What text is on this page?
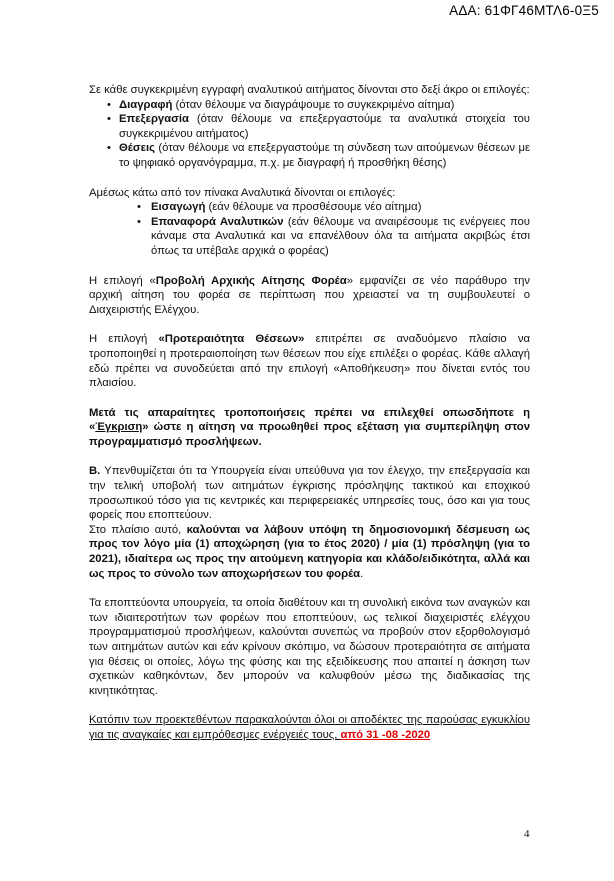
ΑΔΑ: 61ΦΓ46ΜΤΛ6-0Ξ5

Σε κάθε συγκεκριμένη εγγραφή αναλυτικού αιτήματος δίνονται στο δεξί άκρο οι επιλογές:

• Διαγραφή (όταν θέλουμε να διαγράψουμε το συγκεκριμένο αίτημα)
• Επεξεργασία (όταν θέλουμε να επεξεργαστούμε τα αναλυτικά στοιχεία του συγκεκριμένου αιτήματος)
• Θέσεις (όταν θέλουμε να επεξεργαστούμε τη σύνδεση των αιτούμενων θέσεων με το ψηφιακό οργανόγραμμα, π.χ. με διαγραφή ή προσθήκη θέσης)

Αμέσως κάτω από τον πίνακα Αναλυτικά δίνονται οι επιλογές:

• Εισαγωγή (εάν θέλουμε να προσθέσουμε νέο αίτημα)
• Επαναφορά Αναλυτικών (εάν θέλουμε να αναιρέσουμε τις ενέργειες που κάναμε στα Αναλυτικά και να επανέλθουν όλα τα αιτήματα ακριβώς έτσι όπως τα υπέβαλε αρχικά ο φορέας)

Η επιλογή «Προβολή Αρχικής Αίτησης Φορέα» εμφανίζει σε νέο παράθυρο την αρχική αίτηση του φορέα σε περίπτωση που χρειαστεί να τη συμβουλευτεί ο Διαχειριστής Ελέγχου.

Η επιλογή «Προτεραιότητα Θέσεων» επιτρέπει σε αναδυόμενο πλαίσιο να τροποποιηθεί η προτεραιοποίηση των θέσεων που είχε επιλέξει ο φορέας. Κάθε αλλαγή εδώ πρέπει να συνοδεύεται από την επιλογή «Αποθήκευση» που δίνεται εντός του πλαισίου.

Μετά τις απαραίτητες τροποποιήσεις πρέπει να επιλεχθεί οπωσδήποτε η «Έγκριση» ώστε η αίτηση να προωθηθεί προς εξέταση για συμπερίληψη στον προγραμματισμό προσλήψεων.

Β. Υπενθυμίζεται ότι τα Υπουργεία είναι υπεύθυνα για τον έλεγχο, την επεξεργασία και την τελική υποβολή των αιτημάτων έγκρισης πρόσληψης τακτικού και εποχικού προσωπικού τόσο για τις κεντρικές και περιφερειακές υπηρεσίες τους, όσο και για τους φορείς που εποπτεύουν.

Στο πλαίσιο αυτό, καλούνται να λάβουν υπόψη τη δημοσιονομική δέσμευση ως προς τον λόγο μία (1) αποχώρηση (για το έτος 2020) / μία (1) πρόσληψη (για το 2021), ιδιαίτερα ως προς την αιτούμενη κατηγορία και κλάδο/ειδικότητα, αλλά και ως προς το σύνολο των αποχωρήσεων του φορέα.

Τα εποπτεύοντα υπουργεία, τα οποία διαθέτουν και τη συνολική εικόνα των αναγκών και των ιδιαιτεροτήτων των φορέων που εποπτεύουν, ως τελικοί διαχειριστές ελέγχου προγραμματισμού προσλήψεων, καλούνται συνεπώς να προβούν στον εξορθολογισμό των αιτημάτων αυτών και εάν κρίνουν σκόπιμο, να δώσουν προτεραιότητα σε αιτήματα για θέσεις οι οποίες, λόγω της φύσης και της εξειδίκευσης που απαιτεί η άσκηση των σχετικών καθηκόντων, δεν μπορούν να καλυφθούν μέσω της διαδικασίας της κινητικότητας.

Κατόπιν των προεκτεθέντων παρακαλούνται όλοι οι αποδέκτες της παρούσας εγκυκλίου για τις αναγκαίες και εμπρόθεσμες ενέργειές τους, από 31 -08 -2020

4
